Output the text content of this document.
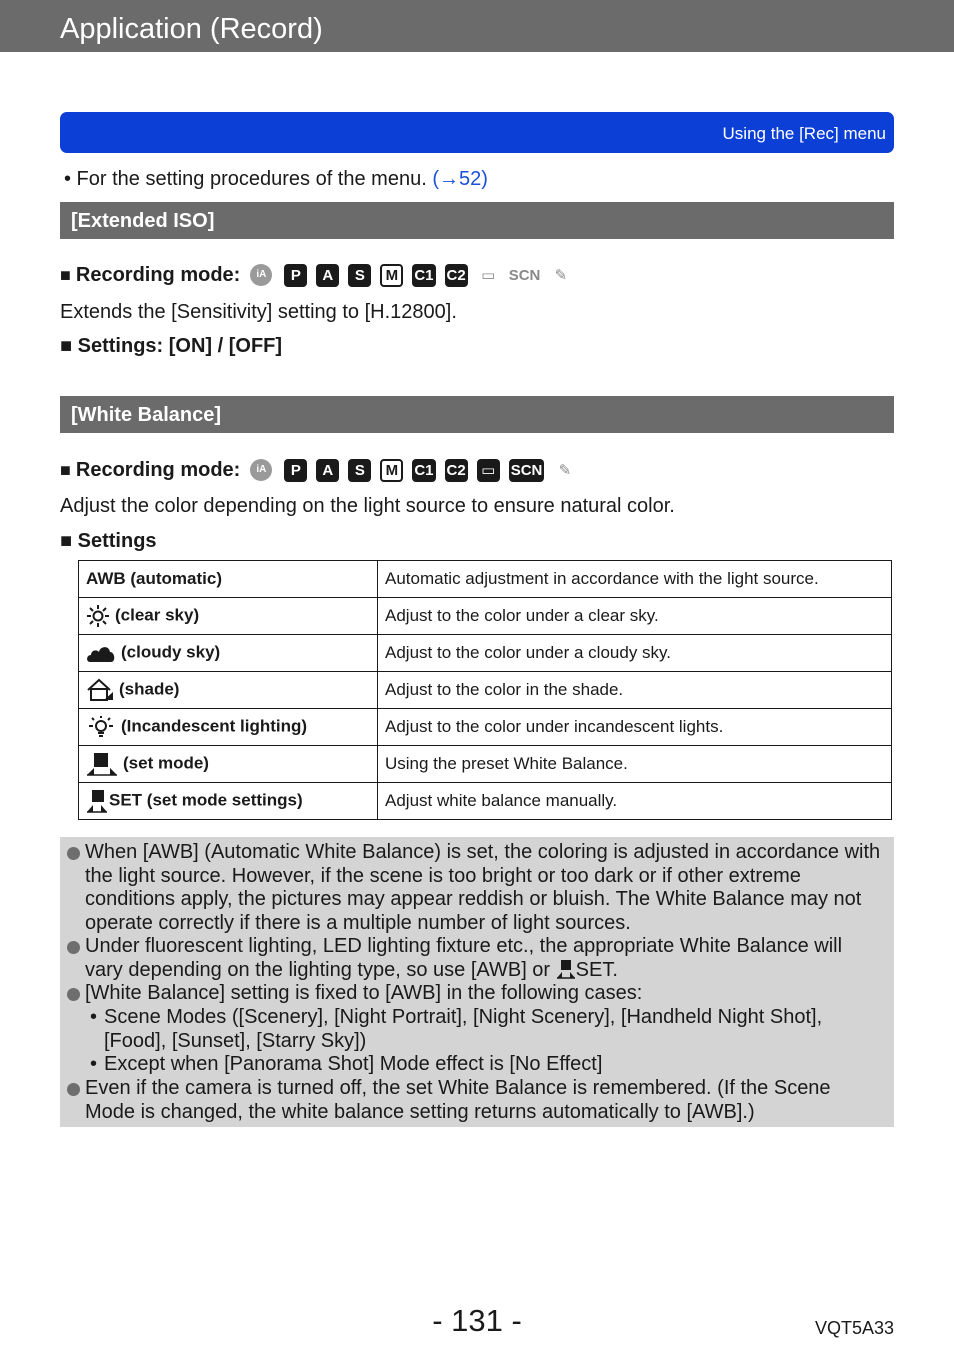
Application (Record)
Using the [Rec] menu
• For the setting procedures of the menu. (→52)
[Extended ISO]
■ Recording mode:	iA	P	A	S	M	C1 C2 ▭ SCN ✎
Extends the [Sensitivity] setting to [H.12800].
■ Settings: [ON] / [OFF]
[White Balance]
■ Recording mode:	iA	P	A	S	M	C1 C2 ▭ SCN	✎
Adjust the color depending on the light source to ensure natural color.
■ Settings
AWB (automatic)	Automatic adjustment in accordance with the light source.
(clear sky)	Adjust to the color under a clear sky.
(cloudy sky)	Adjust to the color under a cloudy sky.
(shade)	Adjust to the color in the shade.
(Incandescent lighting)	Adjust to the color under incandescent lights.
(set mode)	Using the preset White Balance.
SET (set mode settings)	Adjust white balance manually.
When [AWB] (Automatic White Balance) is set, the coloring is adjusted in accordance with the light source. However, if the scene is too bright or too dark or if other extreme conditions apply, the pictures may appear reddish or bluish. The White Balance may not operate correctly if there is a multiple number of light sources.
Under fluorescent lighting, LED lighting fixture etc., the appropriate White Balance will vary depending on the lighting type, so use [AWB] or SET.
[White Balance] setting is fixed to [AWB] in the following cases:
• Scene Modes ([Scenery], [Night Portrait], [Night Scenery], [Handheld Night Shot], [Food], [Sunset], [Starry Sky])
• Except when [Panorama Shot] Mode effect is [No Effect]
Even if the camera is turned off, the set White Balance is remembered. (If the Scene Mode is changed, the white balance setting returns automatically to [AWB].)
- 131 -	VQT5A33
